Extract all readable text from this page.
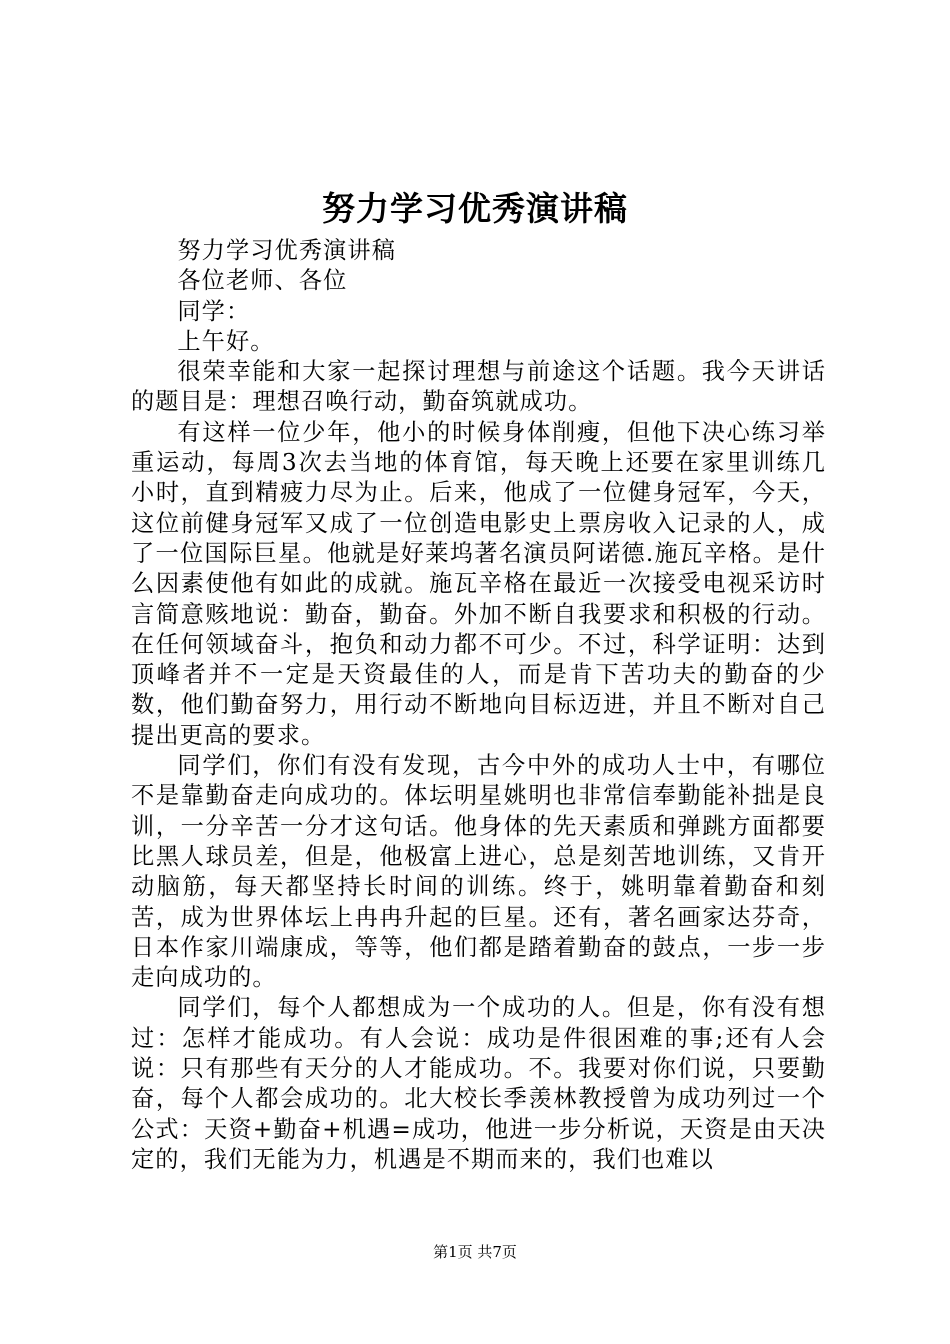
努力学习优秀演讲稿

努力学习优秀演讲稿

各位老师、各位

同学：

上午好。

很荣幸能和大家一起探讨理想与前途这个话题。我今天讲话的题目是：理想召唤行动，勤奋筑就成功。

有这样一位少年，他小的时候身体削瘦，但他下决心练习举重运动，每周3次去当地的体育馆，每天晚上还要在家里训练几小时，直到精疲力尽为止。后来，他成了一位健身冠军，今天，这位前健身冠军又成了一位创造电影史上票房收入记录的人，成了一位国际巨星。他就是好莱坞著名演员阿诺德.施瓦辛格。是什么因素使他有如此的成就。施瓦辛格在最近一次接受电视采访时言简意赅地说：勤奋，勤奋。外加不断自我要求和积极的行动。在任何领域奋斗，抱负和动力都不可少。不过，科学证明：达到顶峰者并不一定是天资最佳的人，而是肯下苦功夫的勤奋的少数，他们勤奋努力，用行动不断地向目标迈进，并且不断对自己提出更高的要求。

同学们，你们有没有发现，古今中外的成功人士中，有哪位不是靠勤奋走向成功的。体坛明星姚明也非常信奉勤能补拙是良训，一分辛苦一分才这句话。他身体的先天素质和弹跳方面都要比黑人球员差，但是，他极富上进心，总是刻苦地训练，又肯开动脑筋，每天都坚持长时间的训练。终于，姚明靠着勤奋和刻苦，成为世界体坛上冉冉升起的巨星。还有，著名画家达芬奇，日本作家川端康成，等等，他们都是踏着勤奋的鼓点，一步一步走向成功的。

同学们，每个人都想成为一个成功的人。但是，你有没有想过：怎样才能成功。有人会说：成功是件很困难的事;还有人会说：只有那些有天分的人才能成功。不。我要对你们说，只要勤奋，每个人都会成功的。北大校长季羡林教授曾为成功列过一个公式：天资+勤奋+机遇=成功，他进一步分析说，天资是由天决定的，我们无能为力，机遇是不期而来的，我们也难以

第1页 共7页
